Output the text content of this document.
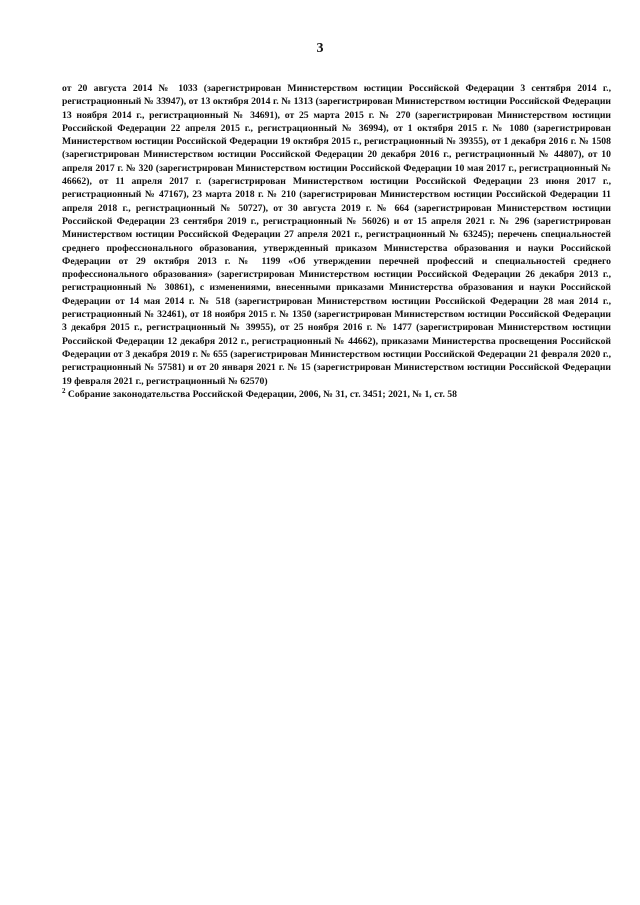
3

от 20 августа 2014 № 1033 (зарегистрирован Министерством юстиции Российской Федерации 3 сентября 2014 г., регистрационный № 33947), от 13 октября 2014 г. № 1313 (зарегистрирован Министерством юстиции Российской Федерации 13 ноября 2014 г., регистрационный № 34691), от 25 марта 2015 г. № 270 (зарегистрирован Министерством юстиции Российской Федерации 22 апреля 2015 г., регистрационный № 36994), от 1 октября 2015 г. № 1080 (зарегистрирован Министерством юстиции Российской Федерации 19 октября 2015 г., регистрационный № 39355), от 1 декабря 2016 г. № 1508 (зарегистрирован Министерством юстиции Российской Федерации 20 декабря 2016 г., регистрационный № 44807), от 10 апреля 2017 г. № 320 (зарегистрирован Министерством юстиции Российской Федерации 10 мая 2017 г., регистрационный № 46662), от 11 апреля 2017 г. (зарегистрирован Министерством юстиции Российской Федерации 23 июня 2017 г., регистрационный № 47167), 23 марта 2018 г. № 210 (зарегистрирован Министерством юстиции Российской Федерации 11 апреля 2018 г., регистрационный № 50727), от 30 августа 2019 г. № 664 (зарегистрирован Министерством юстиции Российской Федерации 23 сентября 2019 г., регистрационный № 56026) и от 15 апреля 2021 г. № 296 (зарегистрирован Министерством юстиции Российской Федерации 27 апреля 2021 г., регистрационный № 63245); перечень специальностей среднего профессионального образования, утвержденный приказом Министерства образования и науки Российской Федерации от 29 октября 2013 г. № 1199 «Об утверждении перечней профессий и специальностей среднего профессионального образования» (зарегистрирован Министерством юстиции Российской Федерации 26 декабря 2013 г., регистрационный № 30861), с изменениями, внесенными приказами Министерства образования и науки Российской Федерации от 14 мая 2014 г. № 518 (зарегистрирован Министерством юстиции Российской Федерации 28 мая 2014 г., регистрационный № 32461), от 18 ноября 2015 г. № 1350 (зарегистрирован Министерством юстиции Российской Федерации 3 декабря 2015 г., регистрационный № 39955), от 25 ноября 2016 г. № 1477 (зарегистрирован Министерством юстиции Российской Федерации 12 декабря 2012 г., регистрационный № 44662), приказами Министерства просвещения Российской Федерации от 3 декабря 2019 г. № 655 (зарегистрирован Министерством юстиции Российской Федерации 21 февраля 2020 г., регистрационный № 57581) и от 20 января 2021 г. № 15 (зарегистрирован Министерством юстиции Российской Федерации 19 февраля 2021 г., регистрационный № 62570)

$^2$ Собрание законодательства Российской Федерации, 2006, № 31, ст. 3451; 2021, № 1, ст. 58
